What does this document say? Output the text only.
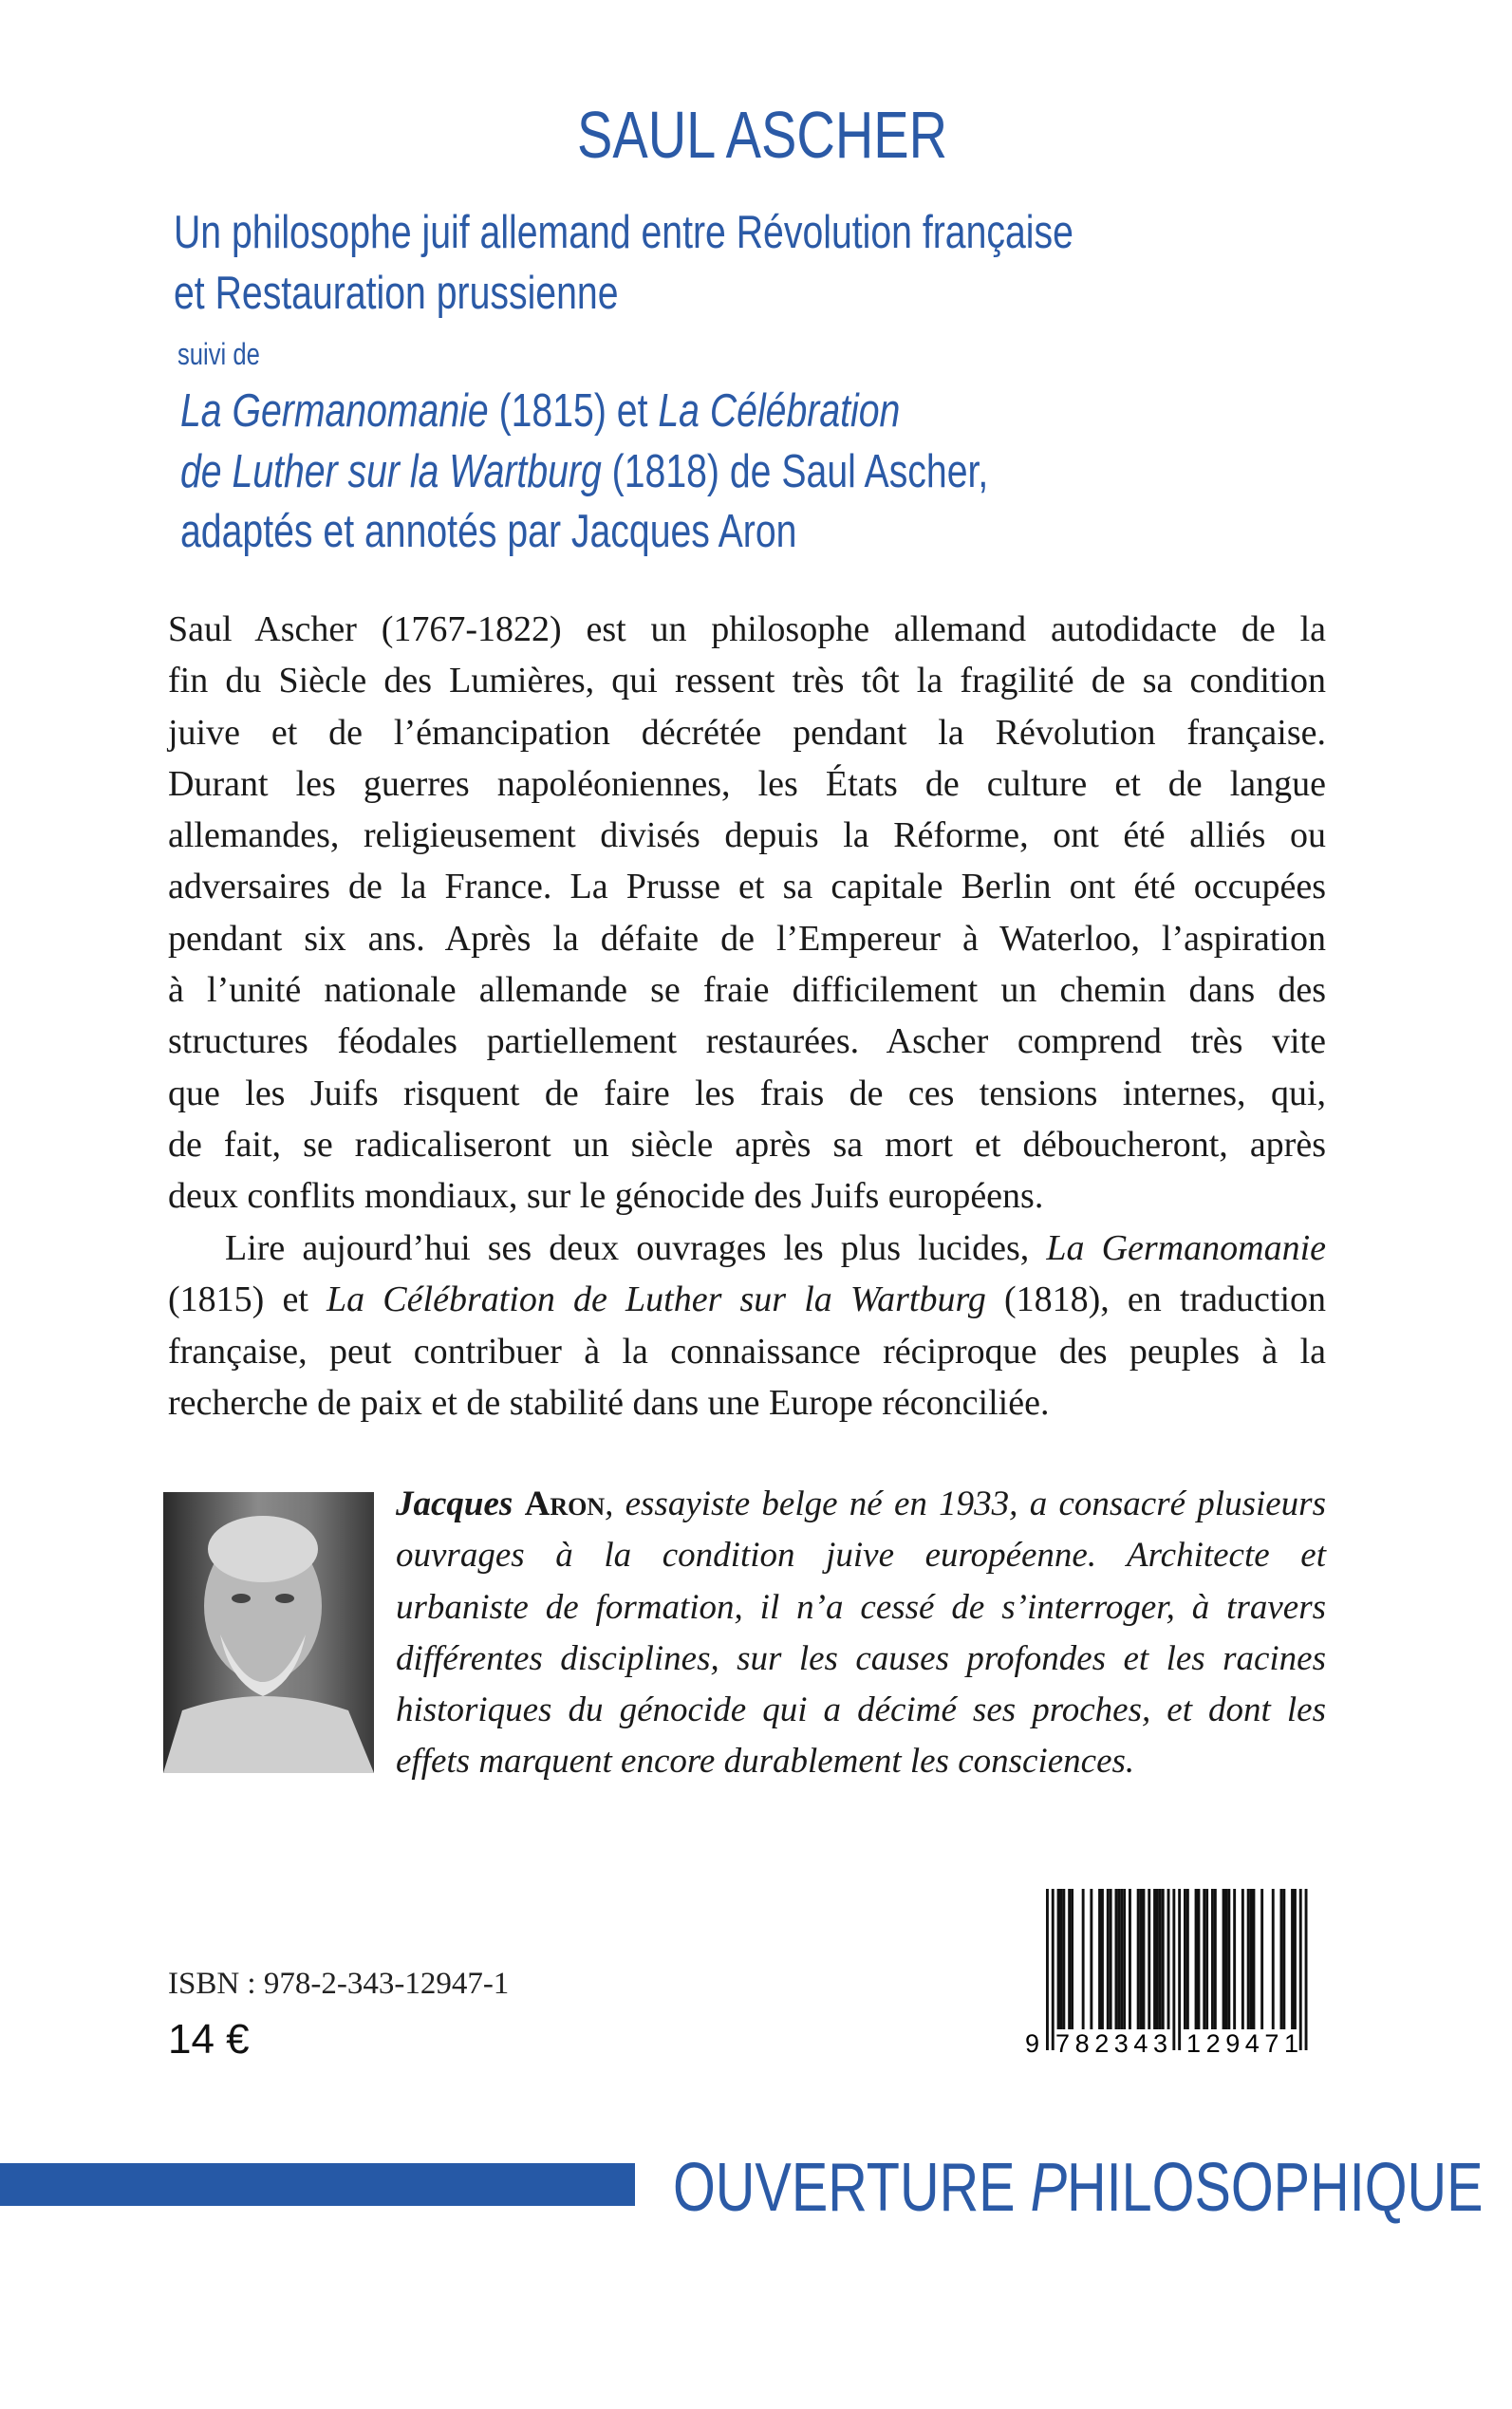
SAUL ASCHER
Un philosophe juif allemand entre Révolution française
et Restauration prussienne
suivi de
La Germanomanie (1815) et La Célébration
de Luther sur la Wartburg (1818) de Saul Ascher,
adaptés et annotés par Jacques Aron
Saul Ascher (1767-1822) est un philosophe allemand autodidacte de la
fin du Siècle des Lumières, qui ressent très tôt la fragilité de sa condition
juive et de l’émancipation décrétée pendant la Révolution française.
Durant les guerres napoléoniennes, les États de culture et de langue
allemandes, religieusement divisés depuis la Réforme, ont été alliés ou
adversaires de la France. La Prusse et sa capitale Berlin ont été occupées
pendant six ans. Après la défaite de l’Empereur à Waterloo, l’aspiration
à l’unité nationale allemande se fraie difficilement un chemin dans des
structures féodales partiellement restaurées. Ascher comprend très vite
que les Juifs risquent de faire les frais de ces tensions internes, qui,
de fait, se radicaliseront un siècle après sa mort et déboucheront, après
deux conflits mondiaux, sur le génocide des Juifs européens.
Lire aujourd’hui ses deux ouvrages les plus lucides, La Germanomanie
(1815) et La Célébration de Luther sur la Wartburg (1818), en traduction
française, peut contribuer à la connaissance réciproque des peuples à la
recherche de paix et de stabilité dans une Europe réconciliée.
Jacques Aron, essayiste belge né en 1933, a consacré plusieurs
ouvrages à la condition juive européenne. Architecte et
urbaniste de formation, il n’a cessé de s’interroger, à travers
différentes disciplines, sur les causes profondes et les racines
historiques du génocide qui a décimé ses proches, et dont les
effets marquent encore durablement les consciences.
ISBN : 978-2-343-12947-1
14 €	9 782343 129471
OUVERTURE PHILOSOPHIQUE
